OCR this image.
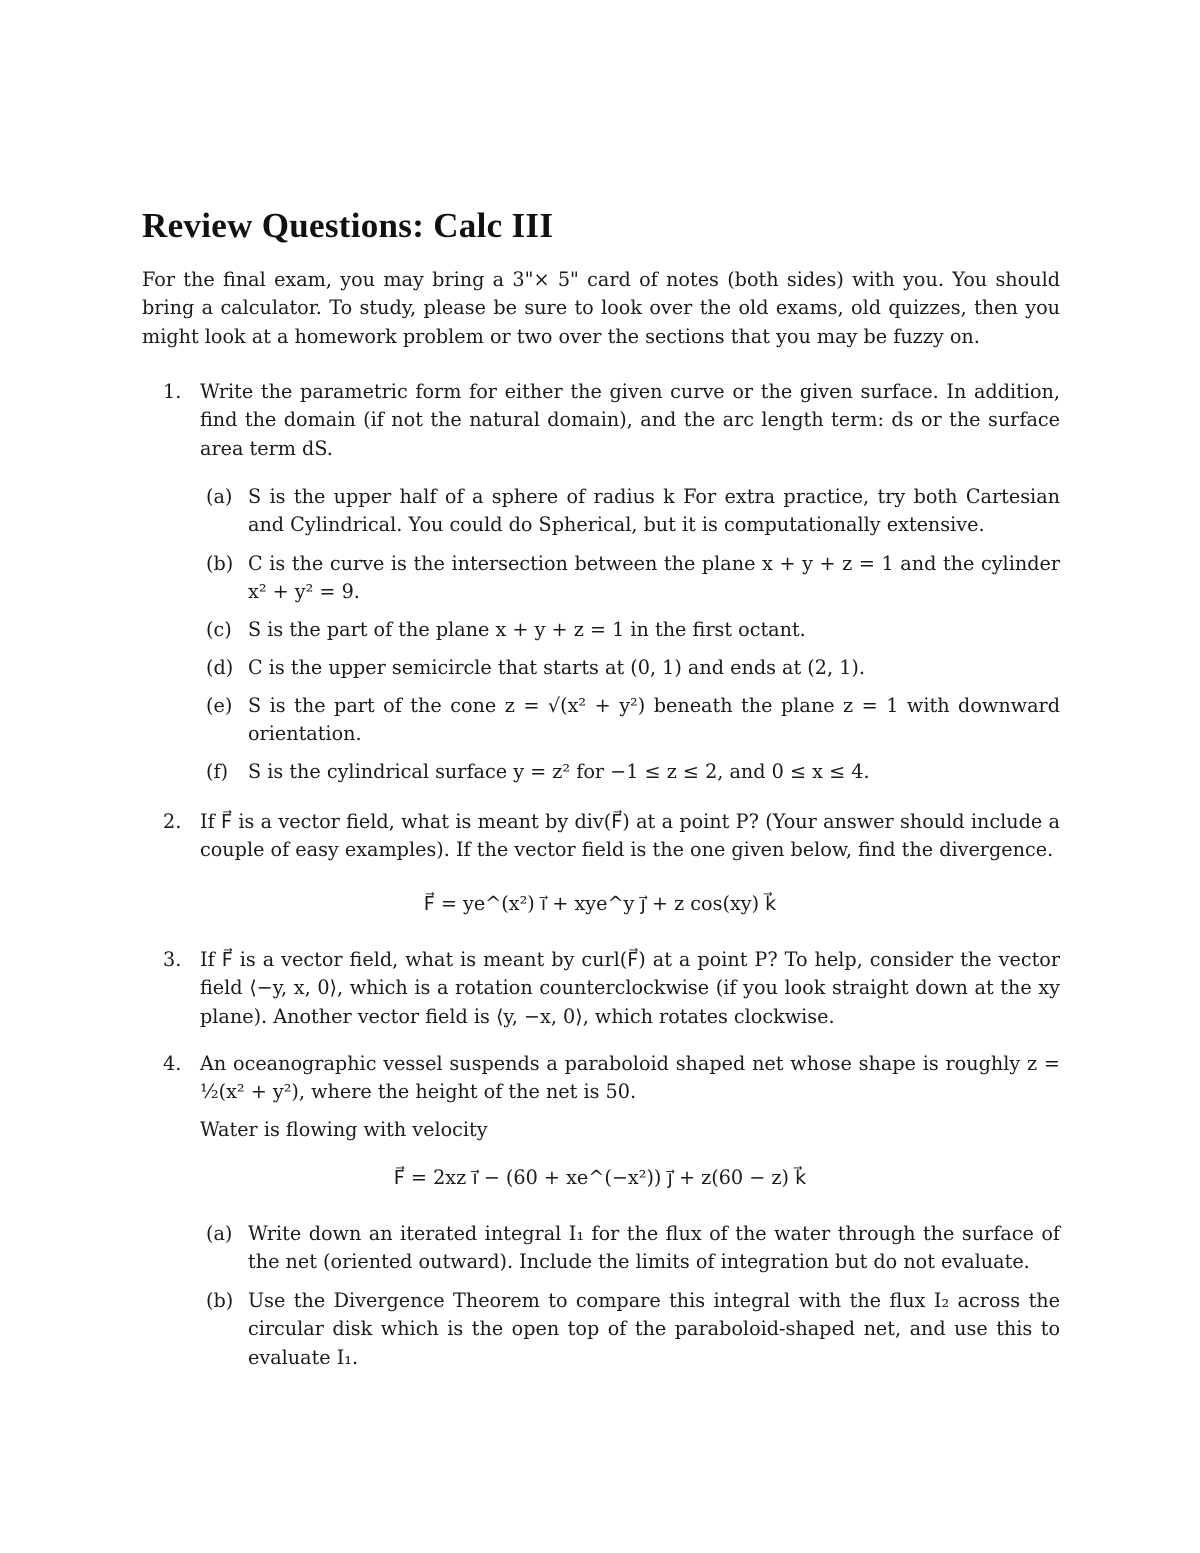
Review Questions: Calc III
For the final exam, you may bring a 3"× 5" card of notes (both sides) with you. You should bring a calculator. To study, please be sure to look over the old exams, old quizzes, then you might look at a homework problem or two over the sections that you may be fuzzy on.
1. Write the parametric form for either the given curve or the given surface. In addition, find the domain (if not the natural domain), and the arc length term: ds or the surface area term dS.
(a) S is the upper half of a sphere of radius k For extra practice, try both Cartesian and Cylindrical. You could do Spherical, but it is computationally extensive.
(b) C is the curve is the intersection between the plane x + y + z = 1 and the cylinder x² + y² = 9.
(c) S is the part of the plane x + y + z = 1 in the first octant.
(d) C is the upper semicircle that starts at (0, 1) and ends at (2, 1).
(e) S is the part of the cone z = √(x² + y²) beneath the plane z = 1 with downward orientation.
(f) S is the cylindrical surface y = z² for −1 ≤ z ≤ 2, and 0 ≤ x ≤ 4.
2. If F⃗ is a vector field, what is meant by div(F⃗) at a point P? (Your answer should include a couple of easy examples). If the vector field is the one given below, find the divergence.
F⃗ = ye^(x²) i⃗ + xye^y j⃗ + z cos(xy) k⃗
3. If F⃗ is a vector field, what is meant by curl(F⃗) at a point P? To help, consider the vector field ⟨−y, x, 0⟩, which is a rotation counterclockwise (if you look straight down at the xy plane). Another vector field is ⟨y, −x, 0⟩, which rotates clockwise.
4. An oceanographic vessel suspends a paraboloid shaped net whose shape is roughly z = ½(x² + y²), where the height of the net is 50.
Water is flowing with velocity
F⃗ = 2xz i⃗ − (60 + xe^(−x²)) j⃗ + z(60 − z) k⃗
(a) Write down an iterated integral I₁ for the flux of the water through the surface of the net (oriented outward). Include the limits of integration but do not evaluate.
(b) Use the Divergence Theorem to compare this integral with the flux I₂ across the circular disk which is the open top of the paraboloid-shaped net, and use this to evaluate I₁.
